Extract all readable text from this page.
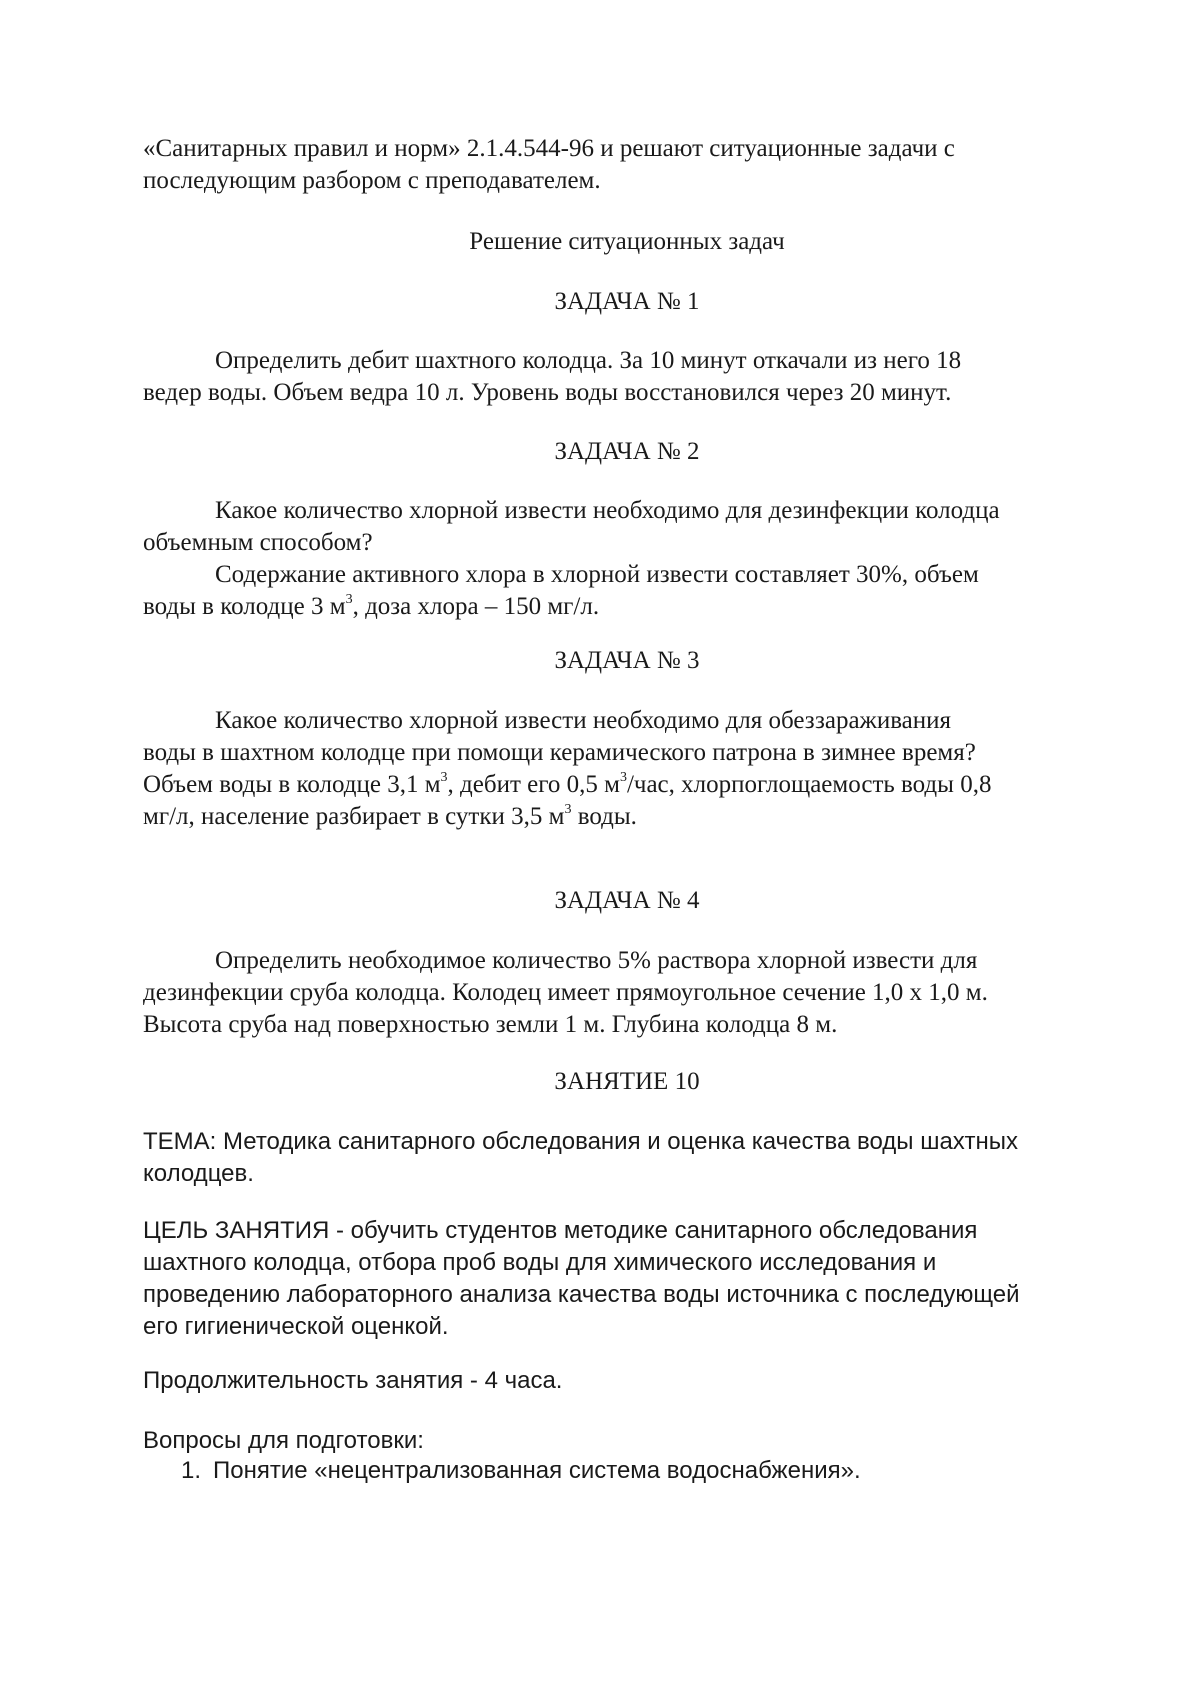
«Санитарных правил и норм» 2.1.4.544-96 и решают ситуационные задачи с
последующим разбором с преподавателем.
Решение ситуационных задач
ЗАДАЧА № 1
Определить дебит шахтного колодца. За 10 минут откачали из него 18
ведер воды. Объем ведра 10 л. Уровень воды восстановился через 20 минут.
ЗАДАЧА № 2
Какое количество хлорной извести необходимо для дезинфекции колодца
объемным способом?
Содержание активного хлора в хлорной извести составляет 30%, объем
воды в колодце 3 $м^3$, доза хлора – 150 мг/л.
ЗАДАЧА № 3
Какое количество хлорной извести необходимо для обеззараживания
воды в шахтном колодце при помощи керамического патрона в зимнее время?
Объем воды в колодце 3,1 $м^3$, дебит его 0,5 $м^3$/час, хлорпоглощаемость воды 0,8
мг/л, население разбирает в сутки 3,5 $м^3$ воды.
ЗАДАЧА № 4
Определить необходимое количество 5% раствора хлорной извести для
дезинфекции сруба колодца. Колодец имеет прямоугольное сечение 1,0 х 1,0 м.
Высота сруба над поверхностью земли 1 м. Глубина колодца 8 м.
ЗАНЯТИЕ 10
ТЕМА: Методика санитарного обследования и оценка качества воды шахтных
колодцев.
ЦЕЛЬ ЗАНЯТИЯ - обучить студентов методике санитарного обследования
шахтного колодца, отбора проб воды для химического исследования и
проведению лабораторного анализа качества воды источника с последующей
его гигиенической оценкой.
Продолжительность занятия - 4 часа.
Вопросы для подготовки:
1. Понятие «нецентрализованная система водоснабжения».
